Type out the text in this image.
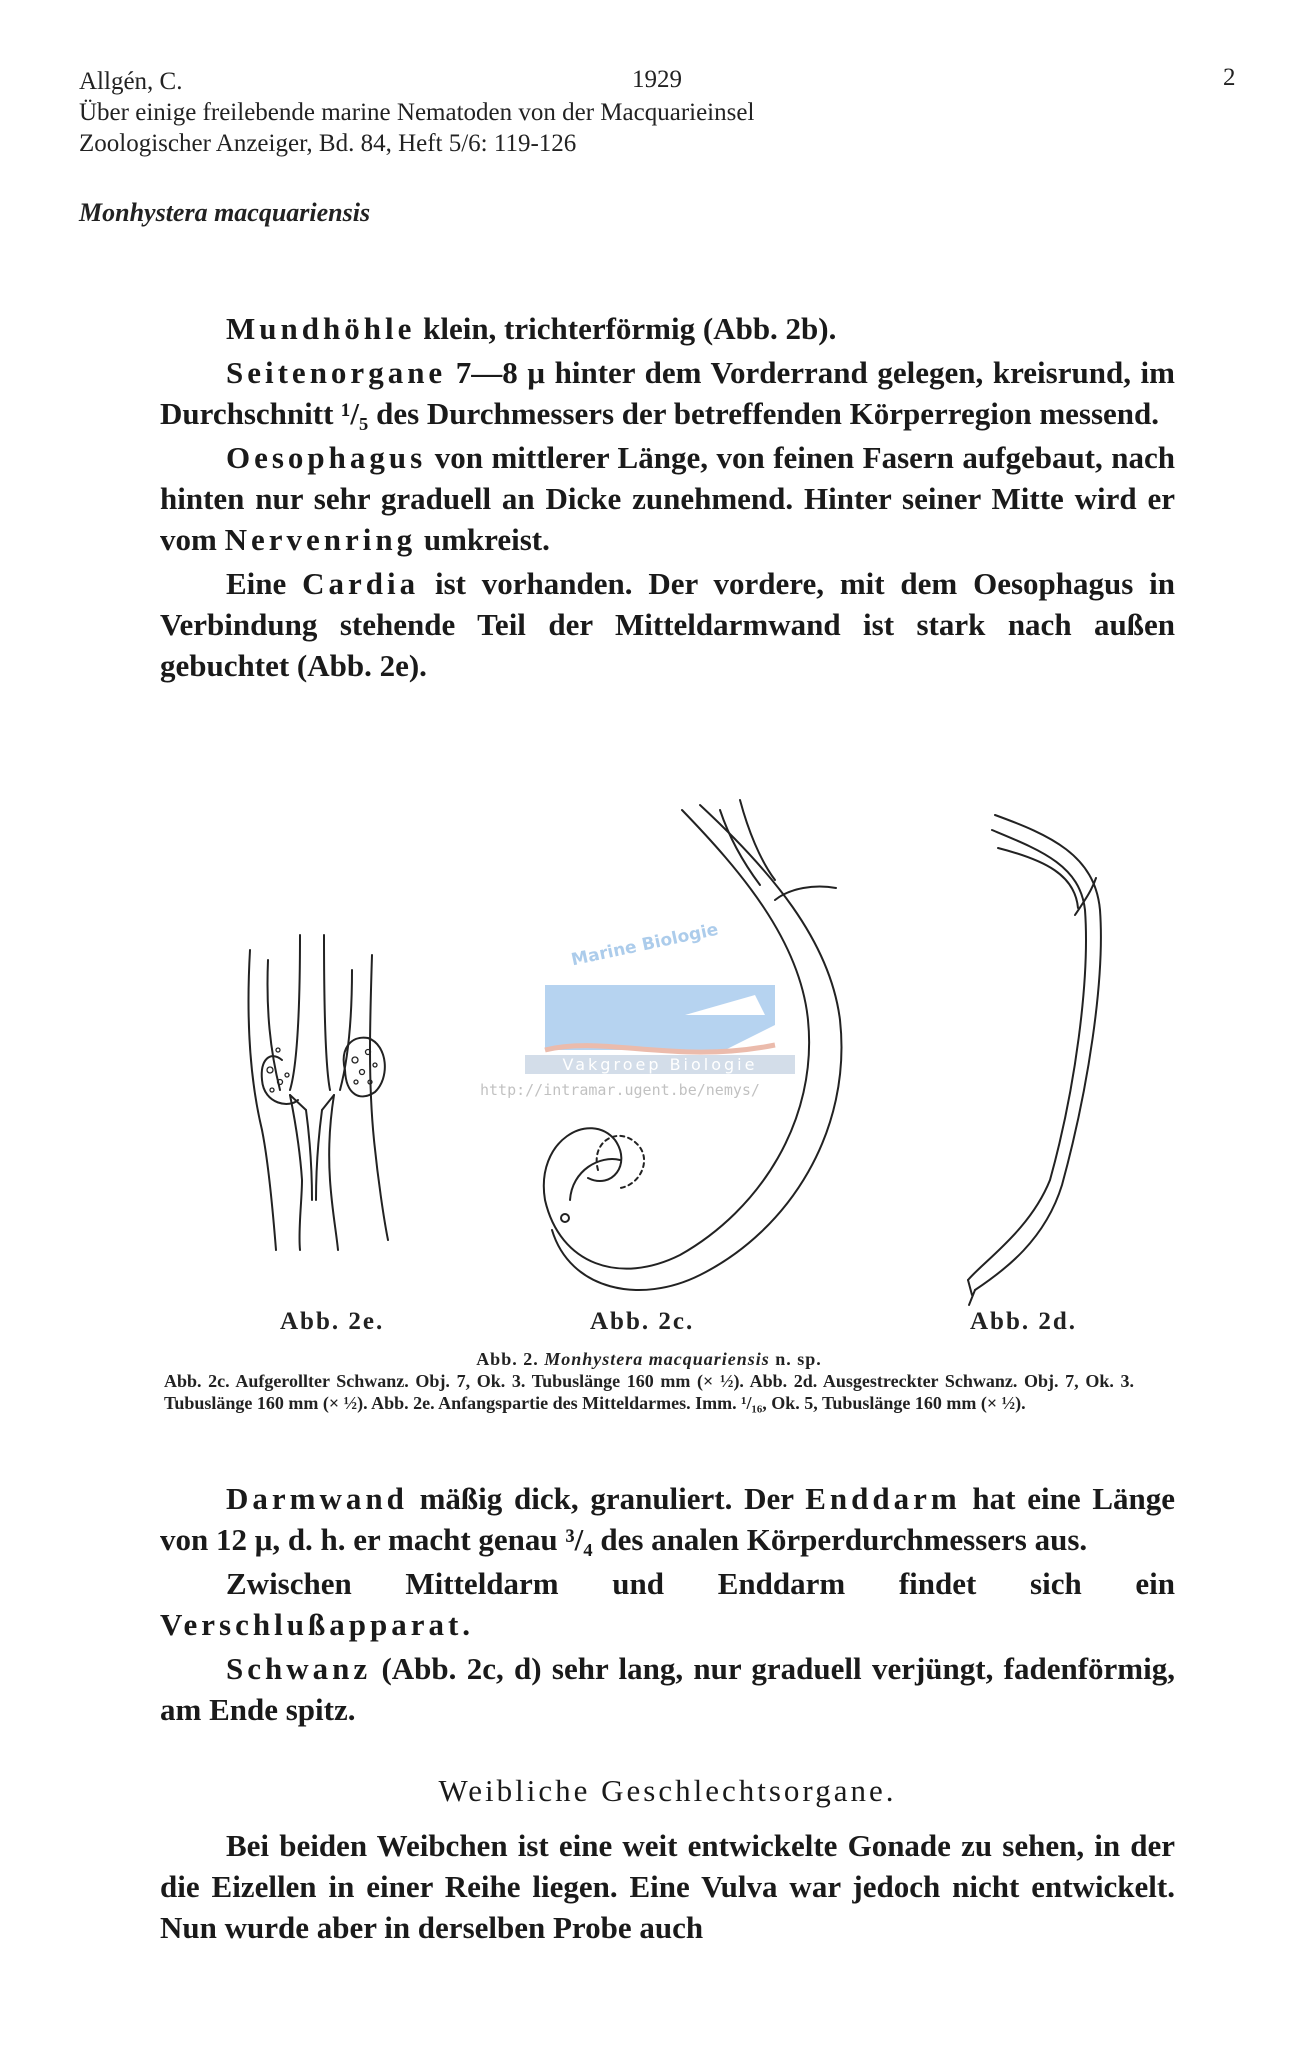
Allgén, C.
Über einige freilebende marine Nematoden von der Macquarieinsel
Zoologischer Anzeiger, Bd. 84, Heft 5/6: 119-126
1929	2
Monhystera macquariensis

Mundhöhle klein, trichterförmig (Abb. 2b).

Seitenorgane 7—8 μ hinter dem Vorderrand gelegen, kreisrund, im Durchschnitt ¹/₅ des Durchmessers der betreffenden Körperregion messend.

Oesophagus von mittlerer Länge, von feinen Fasern aufgebaut, nach hinten nur sehr graduell an Dicke zunehmend. Hinter seiner Mitte wird er vom Nervenring umkreist.

Eine Cardia ist vorhanden. Der vordere, mit dem Oesophagus in Verbindung stehende Teil der Mitteldarmwand ist stark nach außen gebuchtet (Abb. 2e).

Abb. 2e.	Abb. 2c.	Abb. 2d.
Marine Biologie
Vakgroep Biologie
http://intramar.ugent.be/nemys/
Abb. 2. Monhystera macquariensis n. sp.
Abb. 2c. Aufgerollter Schwanz. Obj. 7, Ok. 3. Tubuslänge 160 mm (× ½). Abb. 2d. Ausgestreckter Schwanz. Obj. 7, Ok. 3. Tubuslänge 160 mm (× ½). Abb. 2e. Anfangspartie des Mitteldarmes. Imm. ¹/₁₆, Ok. 5, Tubuslänge 160 mm (× ½).

Darmwand mäßig dick, granuliert. Der Enddarm hat eine Länge von 12 μ, d. h. er macht genau ³/₄ des analen Körperdurchmessers aus.

Zwischen Mitteldarm und Enddarm findet sich ein Verschlußapparat.

Schwanz (Abb. 2c, d) sehr lang, nur graduell verjüngt, fadenförmig, am Ende spitz.

Weibliche Geschlechtsorgane.

Bei beiden Weibchen ist eine weit entwickelte Gonade zu sehen, in der die Eizellen in einer Reihe liegen. Eine Vulva war jedoch nicht entwickelt. Nun wurde aber in derselben Probe auch
